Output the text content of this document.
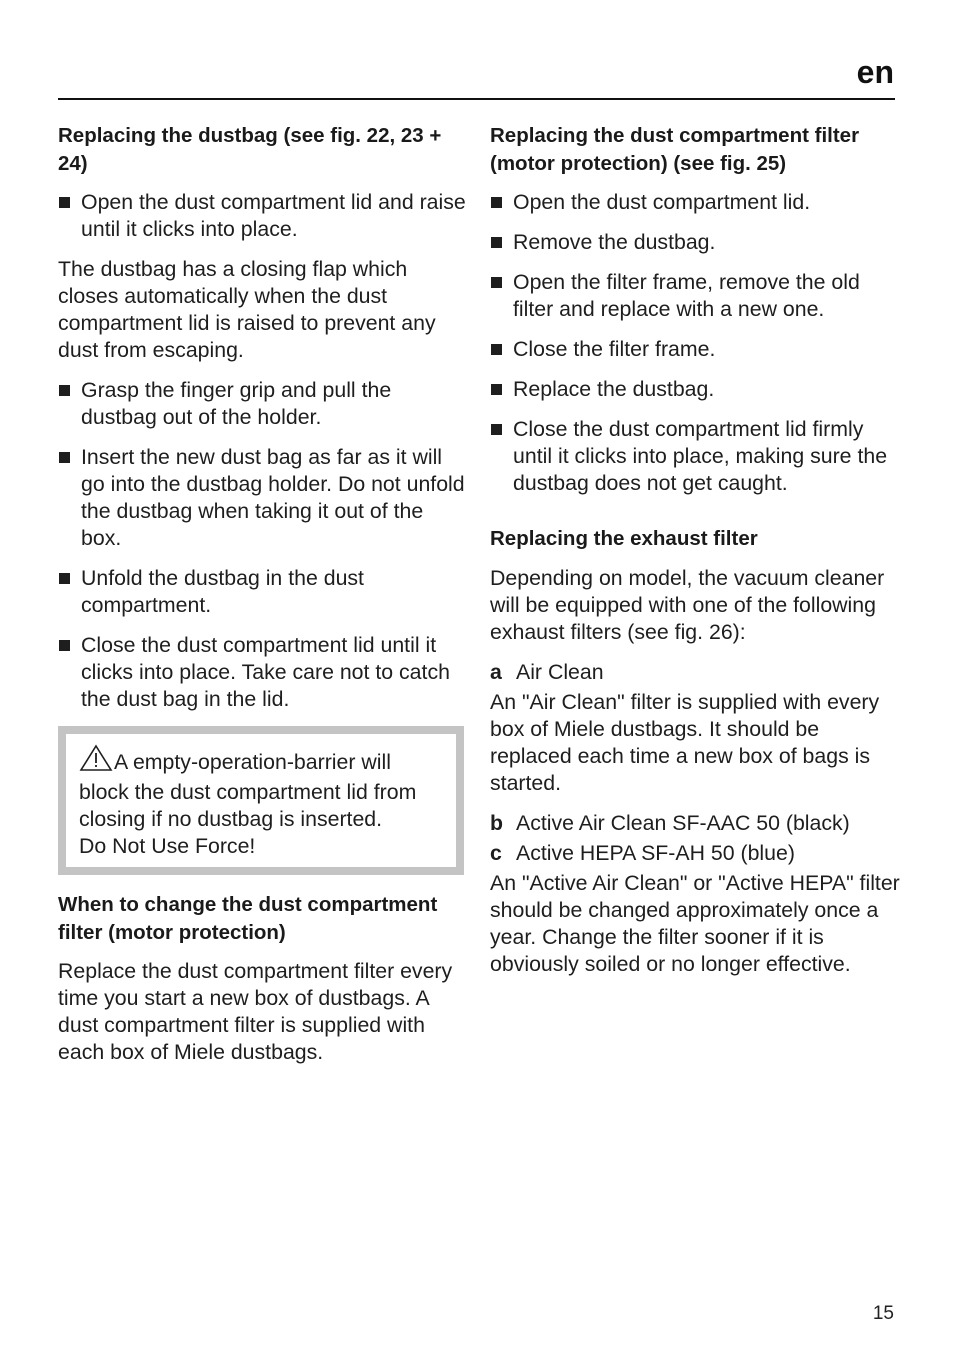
en
Replacing the dustbag (see fig. 22, 23 + 24)
Open the dust compartment lid and raise until it clicks into place.
The dustbag has a closing flap which closes automatically when the dust compartment lid is raised to prevent any dust from escaping.
Grasp the finger grip and pull the dustbag out of the holder.
Insert the new dust bag as far as it will go into the dustbag holder. Do not unfold the dustbag when taking it out of the box.
Unfold the dustbag in the dust compartment.
Close the dust compartment lid until it clicks into place. Take care not to catch the dust bag in the lid.
A empty-operation-barrier will block the dust compartment lid from closing if no dustbag is inserted.
Do Not Use Force!
When to change the dust compartment filter (motor protection)
Replace the dust compartment filter every time you start a new box of dustbags. A dust compartment filter is supplied with each box of Miele dustbags.
Replacing the dust compartment filter (motor protection) (see fig. 25)
Open the dust compartment lid.
Remove the dustbag.
Open the filter frame, remove the old filter and replace with a new one.
Close the filter frame.
Replace the dustbag.
Close the dust compartment lid firmly until it clicks into place, making sure the dustbag does not get caught.
Replacing the exhaust filter
Depending on model, the vacuum cleaner will be equipped with one of the following exhaust filters (see fig. 26):
a Air Clean
An "Air Clean" filter is supplied with every box of Miele dustbags. It should be replaced each time a new box of bags is started.
b Active Air Clean SF-AAC 50 (black)
c Active HEPA SF-AH 50 (blue)
An "Active Air Clean" or "Active HEPA" filter should be changed approximately once a year. Change the filter sooner if it is obviously soiled or no longer effective.
15
